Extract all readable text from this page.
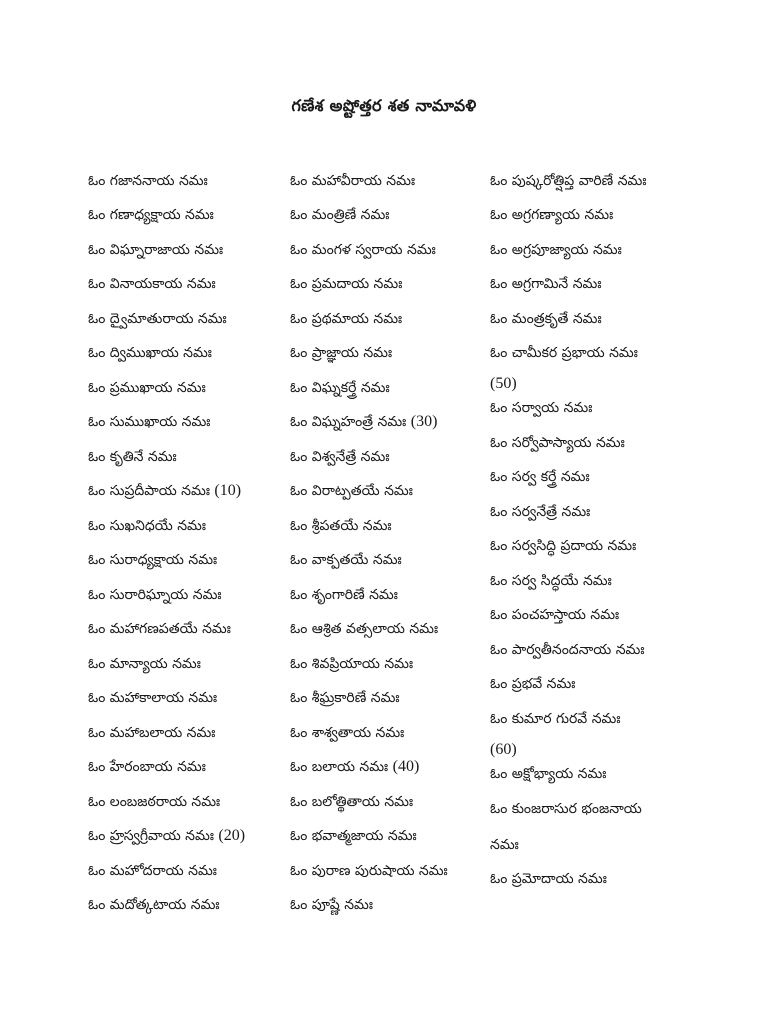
గణేశ అష్టోత్తర శత నామావళి
ఓం గజాననాయ నమః
ఓం గణాధ్యక్షాయ నమః
ఓం విఘ్నారాజాయ నమః
ఓం వినాయకాయ నమః
ఓం ద్వైమాతురాయ నమః
ఓం ద్విముఖాయ నమః
ఓం ప్రముఖాయ నమః
ఓం సుముఖాయ నమః
ఓం కృతినే నమః
ఓం సుప్రదీపాయ నమః (10)
ఓం సుఖనిధయే నమః
ఓం సురాధ్యక్షాయ నమః
ఓం సురారిఘ్నాయ నమః
ఓం మహాగణపతయే నమః
ఓం మాన్యాయ నమః
ఓం మహాకాలాయ నమః
ఓం మహాబలాయ నమః
ఓం హేరంబాయ నమః
ఓం లంబజఠరాయ నమః
ఓం హ్రస్వగ్రీవాయ నమః (20)
ఓం మహోదరాయ నమః
ఓం మదోత్కటాయ నమః
ఓం మహావీరాయ నమః
ఓం మంత్రిణే నమః
ఓం మంగళ స్వరాయ నమః
ఓం ప్రమదాయ నమః
ఓం ప్రథమాయ నమః
ఓం ప్రాజ్ఞాయ నమః
ఓం విఘ్నకర్త్రే నమః
ఓం విఘ్నహంత్రే నమః (30)
ఓం విశ్వనేత్రే నమః
ఓం విరాట్పతయే నమః
ఓం శ్రీపతయే నమః
ఓం వాక్పతయే నమః
ఓం శృంగారిణే నమః
ఓం ఆశ్రిత వత్సలాయ నమః
ఓం శివప్రియాయ నమః
ఓం శీఘ్రకారిణే నమః
ఓం శాశ్వతాయ నమః
ఓం బలాయ నమః (40)
ఓం బలోత్థితాయ నమః
ఓం భవాత్మజాయ నమః
ఓం పురాణ పురుషాయ నమః
ఓం పూష్ణే నమః
ఓం పుష్కరోత్షిప్త వారిణే నమః
ఓం అగ్రగణ్యాయ నమః
ఓం అగ్రపూజ్యాయ నమః
ఓం అగ్రగామినే నమః
ఓం మంత్రకృతే నమః
ఓం చామీకర ప్రభాయ నమః
(50)
ఓం సర్వాయ నమః
ఓం సర్వోపాస్యాయ నమః
ఓం సర్వ కర్త్రే నమః
ఓం సర్వనేత్రే నమః
ఓం సర్వసిద్ధి ప్రదాయ నమః
ఓం సర్వ సిద్ధయే నమః
ఓం పంచహస్తాయ నమః
ఓం పార్వతీనందనాయ నమః
ఓం ప్రభవే నమః
ఓం కుమార గురవే నమః
(60)
ఓం అక్షోభ్యాయ నమః
ఓం కుంజరాసుర భంజనాయ
నమః
ఓం ప్రమోదాయ నమః
